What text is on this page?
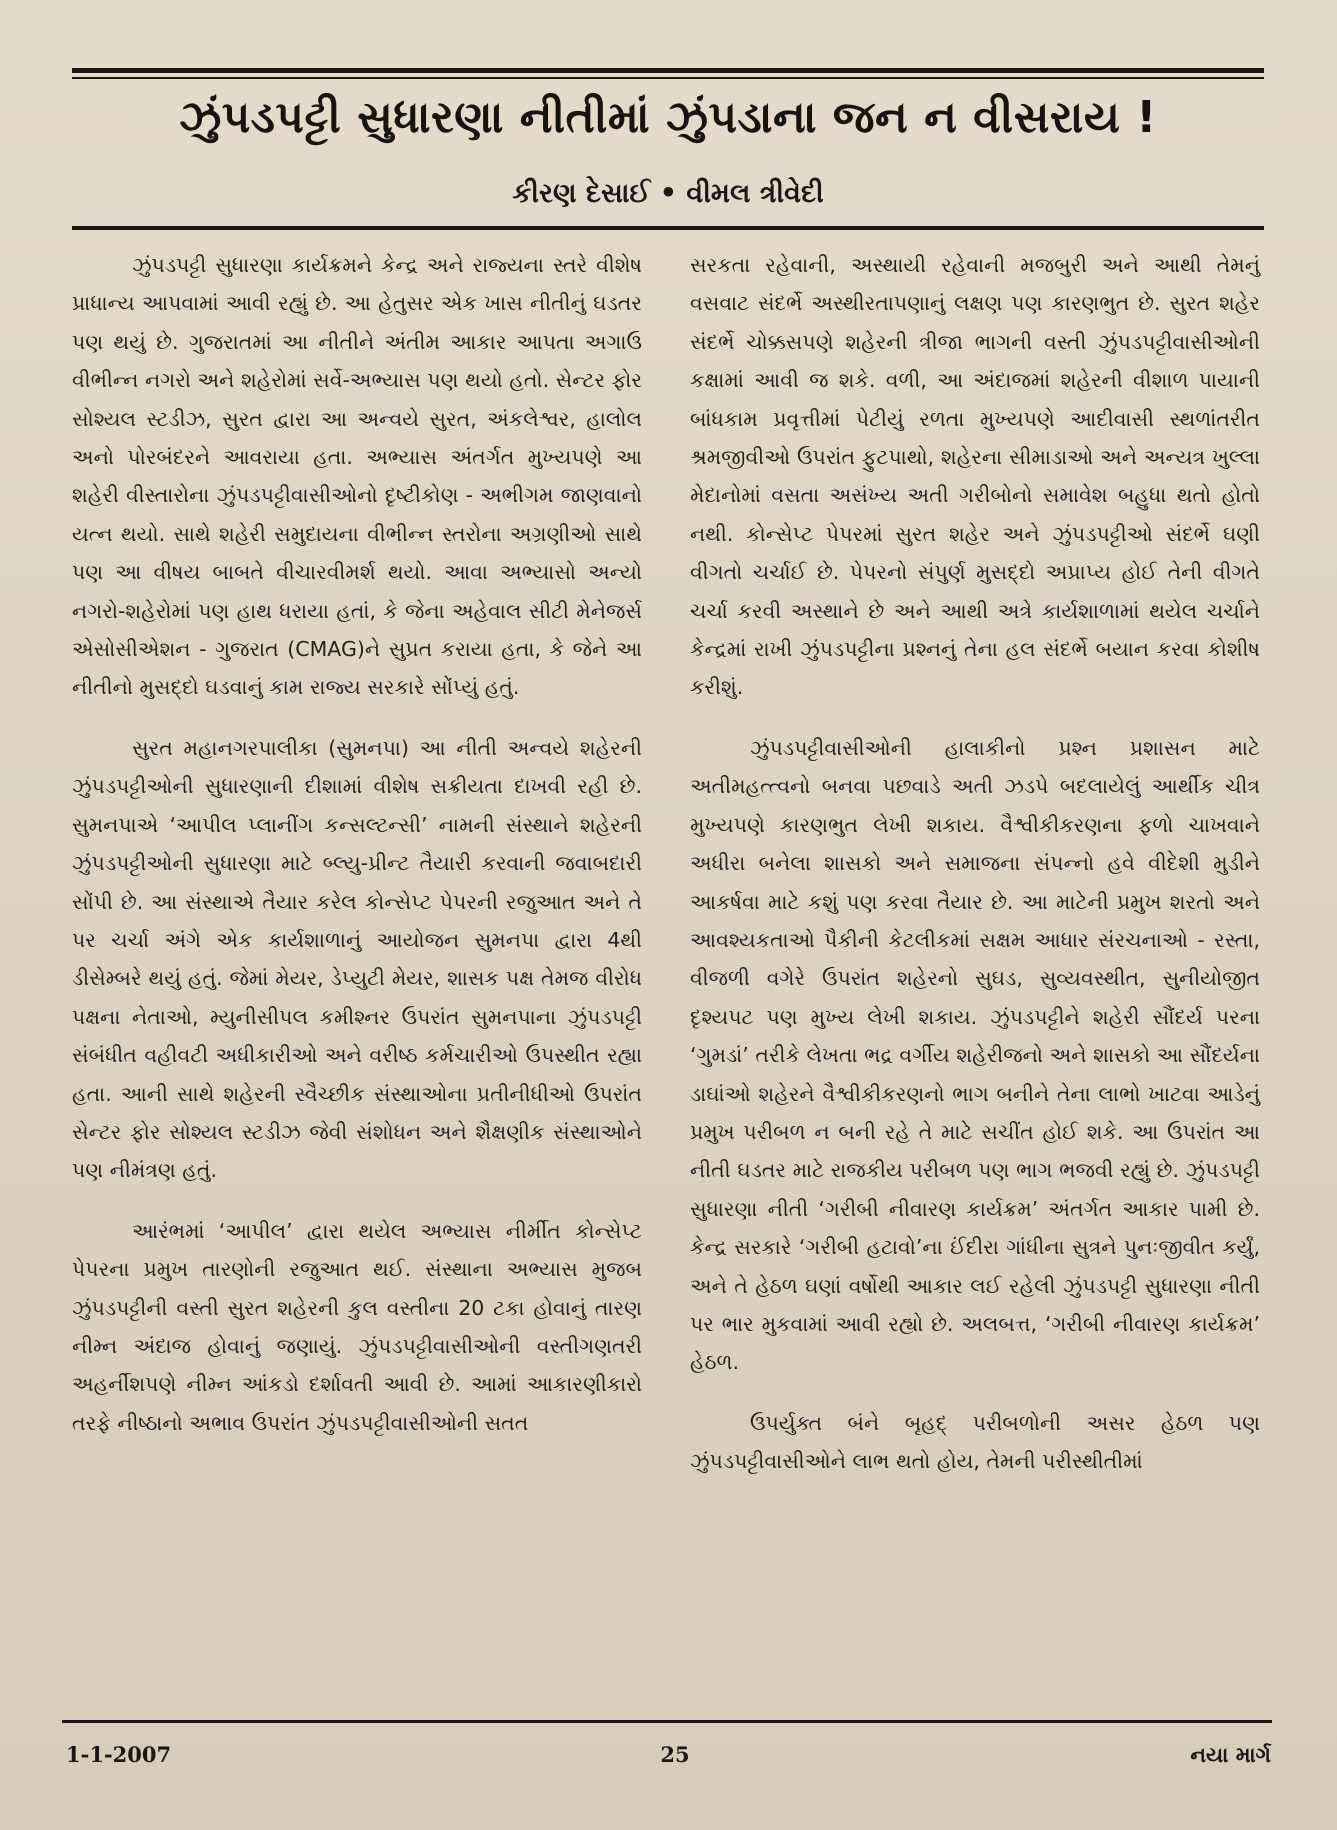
ઝુંપડપટ્ટી સુધારણા નીતીમાં ઝુંપડાના જન ન વીસરાય !
કીરણ દેસાઈ • વીમલ ત્રીવેદી

ઝુંપડપટ્ટી સુધારણા કાર્યક્રમને કેન્દ્ર અને રાજ્યના સ્તરે વીશેષ પ્રાધાન્ય આપવામાં આવી રહ્યું છે. આ હેતુસર એક ખાસ નીતીનું ઘડતર પણ થયું છે. ગુજરાતમાં આ નીતીને અંતીમ આકાર આપતા અગાઉ વીભીન્ન નગરો અને શહેરોમાં સર્વે-અભ્યાસ પણ થયો હતો. સેન્ટર ફોર સોશ્યલ સ્ટડીઝ, સુરત દ્વારા આ અન્વયે સુરત, અંકલેશ્વર, હાલોલ અનો પોરબંદરને આવરાયા હતા. અભ્યાસ અંતર્ગત મુખ્યપણે આ શહેરી વીસ્તારોના ઝુંપડપટ્ટીવાસીઓનો દૃષ્ટીકોણ - અભીગમ જાણવાનો યત્ન થયો. સાથે શહેરી સમુદાયના વીભીન્ન સ્તરોના અગ્રણીઓ સાથે પણ આ વીષય બાબતે વીચારવીમર્શ થયો. આવા અભ્યાસો અન્યો નગરો-શહેરોમાં પણ હાથ ધરાયા હતાં, કે જેના અહેવાલ સીટી મેનેજર્સ એસોસીએશન - ગુજરાત (CMAG)ને સુપ્રત કરાયા હતા, કે જેને આ નીતીનો મુસદ્દો ઘડવાનું કામ રાજ્ય સરકારે સોંપ્યું હતું.

સુરત મહાનગરપાલીકા (સુમનપા) આ નીતી અન્વયે શહેરની ઝુંપડપટ્ટીઓની સુધારણાની દીશામાં વીશેષ સક્રીયતા દાખવી રહી છે. સુમનપાએ ‘આપીલ પ્લાનીંગ કન્સલ્ટન્સી’ નામની સંસ્થાને શહેરની ઝુંપડપટ્ટીઓની સુધારણા માટે બ્લ્યુ-પ્રીન્ટ તૈયારી કરવાની જવાબદારી સોંપી છે. આ સંસ્થાએ તૈયાર કરેલ કોન્સેપ્ટ પેપરની રજુઆત અને તે પર ચર્ચા અંગે એક કાર્યશાળાનું આયોજન સુમનપા દ્વારા 4થી ડીસેમ્બરે થયું હતું. જેમાં મેયર, ડેપ્યુટી મેયર, શાસક પક્ષ તેમજ વીરોધ પક્ષના નેતાઓ, મ્યુનીસીપલ કમીશ્નર ઉપરાંત સુમનપાના ઝુંપડપટ્ટી સંબંધીત વહીવટી અધીકારીઓ અને વરીષ્ઠ કર્મચારીઓ ઉપસ્થીત રહ્યા હતા. આની સાથે શહેરની સ્વૈચ્છીક સંસ્થાઓના પ્રતીનીધીઓ ઉપરાંત સેન્ટર ફોર સોશ્યલ સ્ટડીઝ જેવી સંશોધન અને શૈક્ષણીક સંસ્થાઓને પણ નીમંત્રણ હતું.

આરંભમાં ‘આપીલ’ દ્વારા થયેલ અભ્યાસ નીર્મીત કોન્સેપ્ટ પેપરના પ્રમુખ તારણોની રજુઆત થઈ. સંસ્થાના અભ્યાસ મુજબ ઝુંપડપટ્ટીની વસ્તી સુરત શહેરની કુલ વસ્તીના 20 ટકા હોવાનું તારણ નીમ્ન અંદાજ હોવાનું જણાયું. ઝુંપડપટ્ટીવાસીઓની વસ્તીગણતરી અહર્નીશપણે નીમ્ન આંકડો દર્શાવતી આવી છે. આમાં આકારણીકારો તરફે નીષ્ઠાનો અભાવ ઉપરાંત ઝુંપડપટ્ટીવાસીઓની સતત

સરકતા રહેવાની, અસ્થાયી રહેવાની મજબુરી અને આથી તેમનું વસવાટ સંદર્ભે અસ્થીરતાપણાનું લક્ષણ પણ કારણભુત છે. સુરત શહેર સંદર્ભે ચોક્કસપણે શહેરની ત્રીજા ભાગની વસ્તી ઝુંપડપટ્ટીવાસીઓની કક્ષામાં આવી જ શકે. વળી, આ અંદાજમાં શહેરની વીશાળ પાયાની બાંધકામ પ્રવૃત્તીમાં પેટીયું રળતા મુખ્યપણે આદીવાસી સ્થળાંતરીત શ્રમજીવીઓ ઉપરાંત ફુટપાથો, શહેરના સીમાડાઓ અને અન્યત્ર ખુલ્લા મેદાનોમાં વસતા અસંખ્ય અતી ગરીબોનો સમાવેશ બહુધા થતો હોતો નથી. કોન્સેપ્ટ પેપરમાં સુરત શહેર અને ઝુંપડપટ્ટીઓ સંદર્ભે ઘણી વીગતો ચર્ચાઈ છે. પેપરનો સંપુર્ણ મુસદ્દો અપ્રાપ્ય હોઈ તેની વીગતે ચર્ચા કરવી અસ્થાને છે અને આથી અત્રે કાર્યશાળામાં થયેલ ચર્ચાને કેન્દ્રમાં રાખી ઝુંપડપટ્ટીના પ્રશ્નનું તેના હલ સંદર્ભે બયાન કરવા કોશીષ કરીશું.

ઝુંપડપટ્ટીવાસીઓની હાલાકીનો પ્રશ્ન પ્રશાસન માટે અતીમહત્ત્વનો બનવા પછવાડે અતી ઝડપે બદલાયેલું આર્થીક ચીત્ર મુખ્યપણે કારણભુત લેખી શકાય. વૈશ્વીકીકરણના ફળો ચાખવાને અધીરા બનેલા શાસકો અને સમાજના સંપન્નો હવે વીદેશી મુડીને આકર્ષવા માટે કશું પણ કરવા તૈયાર છે. આ માટેની પ્રમુખ શરતો અને આવશ્યકતાઓ પૈકીની કેટલીકમાં સક્ષમ આધાર સંરચનાઓ - રસ્તા, વીજળી વગેરે ઉપરાંત શહેરનો સુઘડ, સુવ્યવસ્થીત, સુનીયોજીત દૃશ્યપટ પણ મુખ્ય લેખી શકાય. ઝુંપડપટ્ટીને શહેરી સૌંદર્ય પરના ‘ગુમડાં’ તરીકે લેખતા ભદ્ર વર્ગીય શહેરીજનો અને શાસકો આ સૌંદર્યના ડાઘાંઓ શહેરને વૈશ્વીકીકરણનો ભાગ બનીને તેના લાભો ખાટવા આડેનું પ્રમુખ પરીબળ ન બની રહે તે માટે સચીંત હોઈ શકે. આ ઉપરાંત આ નીતી ઘડતર માટે રાજકીય પરીબળ પણ ભાગ ભજવી રહ્યું છે. ઝુંપડપટ્ટી સુધારણા નીતી ‘ગરીબી નીવારણ કાર્યક્રમ’ અંતર્ગત આકાર પામી છે. કેન્દ્ર સરકારે ‘ગરીબી હટાવો’ના ઈંદીરા ગાંધીના સુત્રને પુનઃજીવીત કર્યું, અને તે હેઠળ ઘણાં વર્ષોથી આકાર લઈ રહેલી ઝુંપડપટ્ટી સુધારણા નીતી પર ભાર મુકવામાં આવી રહ્યો છે. અલબત્ત, ‘ગરીબી નીવારણ કાર્યક્રમ’ હેઠળ.

ઉપર્યુક્ત બંને બૃહદ્ પરીબળોની અસર હેઠળ પણ ઝુંપડપટ્ટીવાસીઓને લાભ થતો હોય, તેમની પરીસ્થીતીમાં

1-1-2007	25	નયા માર્ગ
